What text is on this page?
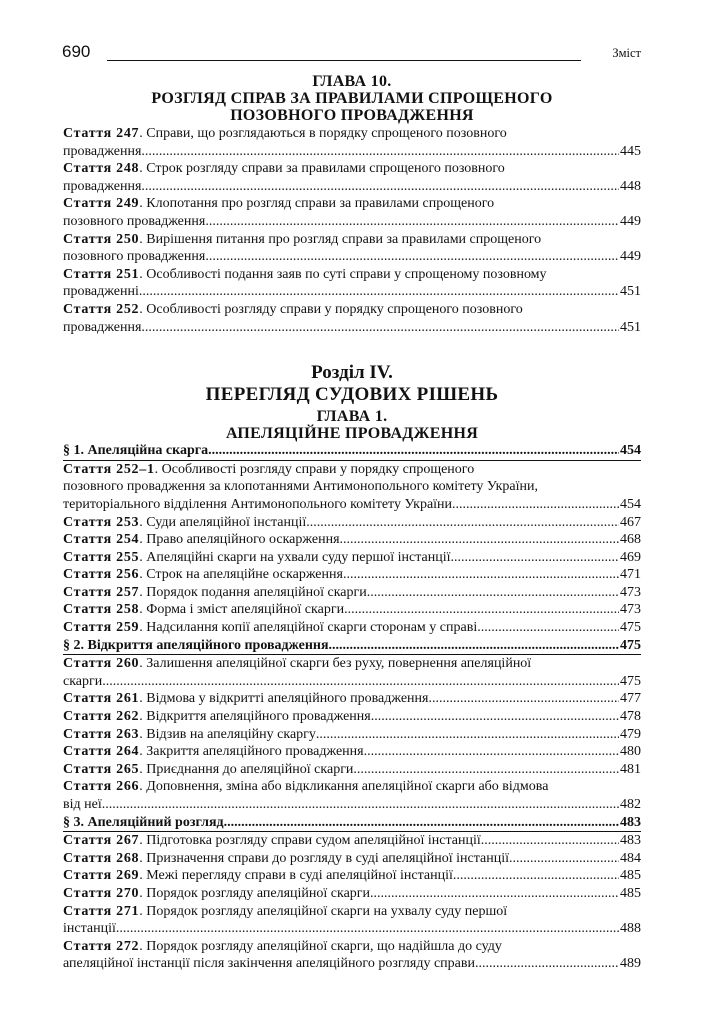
690	Зміст
ГЛАВА 10.
РОЗГЛЯД СПРАВ ЗА ПРАВИЛАМИ СПРОЩЕНОГО
ПОЗОВНОГО ПРОВАДЖЕННЯ
Стаття 247. Справи, що розглядаються в порядку спрощеного позовного
провадження .....	445
Стаття 248. Строк розгляду справи за правилами спрощеного позовного
провадження .....	448
Стаття 249. Клопотання про розгляд справи за правилами спрощеного
позовного провадження .....	449
Стаття 250. Вирішення питання про розгляд справи за правилами спрощеного
позовного провадження .....	449
Стаття 251. Особливості подання заяв по суті справи у спрощеному позовному
провадженні .....	451
Стаття 252. Особливості розгляду справи у порядку спрощеного позовного
провадження .....	451
Розділ IV.
ПЕРЕГЛЯД СУДОВИХ РІШЕНЬ
ГЛАВА 1.
АПЕЛЯЦІЙНЕ ПРОВАДЖЕННЯ
§ 1. Апеляційна скарга .....	454
Стаття 252–1. Особливості розгляду справи у порядку спрощеного
позовного провадження за клопотаннями Антимонопольного комітету України,
територіального відділення Антимонопольного комітету України .....	454
Стаття 253 . Суди апеляційної інстанції .....	467
Стаття 254 . Право апеляційного оскарження .....	468
Стаття 255 . Апеляційні скарги на ухвали суду першої інстанції .....	469
Стаття 256 . Строк на апеляційне оскарження .....	471
Стаття 257 . Порядок подання апеляційної скарги .....	473
Стаття 258 . Форма і зміст апеляційної скарги .....	473
Стаття 259 . Надсилання копії апеляційної скарги сторонам у справі .....	475
§ 2. Відкриття апеляційного провадження .....	475
Стаття 260. Залишення апеляційної скарги без руху, повернення апеляційної
скарги .....	475
Стаття 261 . Відмова у відкритті апеляційного провадження .....	477
Стаття 262 . Відкриття апеляційного провадження .....	478
Стаття 263 . Відзив на апеляційну скаргу .....	479
Стаття 264 . Закриття апеляційного провадження .....	480
Стаття 265 . Приєднання до апеляційної скарги .....	481
Стаття 266. Доповнення, зміна або відкликання апеляційної скарги або відмова
від неї .....	482
§ 3. Апеляційний розгляд .....	483
Стаття 267 . Підготовка розгляду справи судом апеляційної інстанції .....	483
Стаття 268 . Призначення справи до розгляду в суді апеляційної інстанції .....	484
Стаття 269 . Межі перегляду справи в суді апеляційної інстанції .....	485
Стаття 270 . Порядок розгляду апеляційної скарги .....	485
Стаття 271. Порядок розгляду апеляційної скарги на ухвалу суду першої
інстанції .....	488
Стаття 272. Порядок розгляду апеляційної скарги, що надійшла до суду
апеляційної інстанції після закінчення апеляційного розгляду справи .....	489
